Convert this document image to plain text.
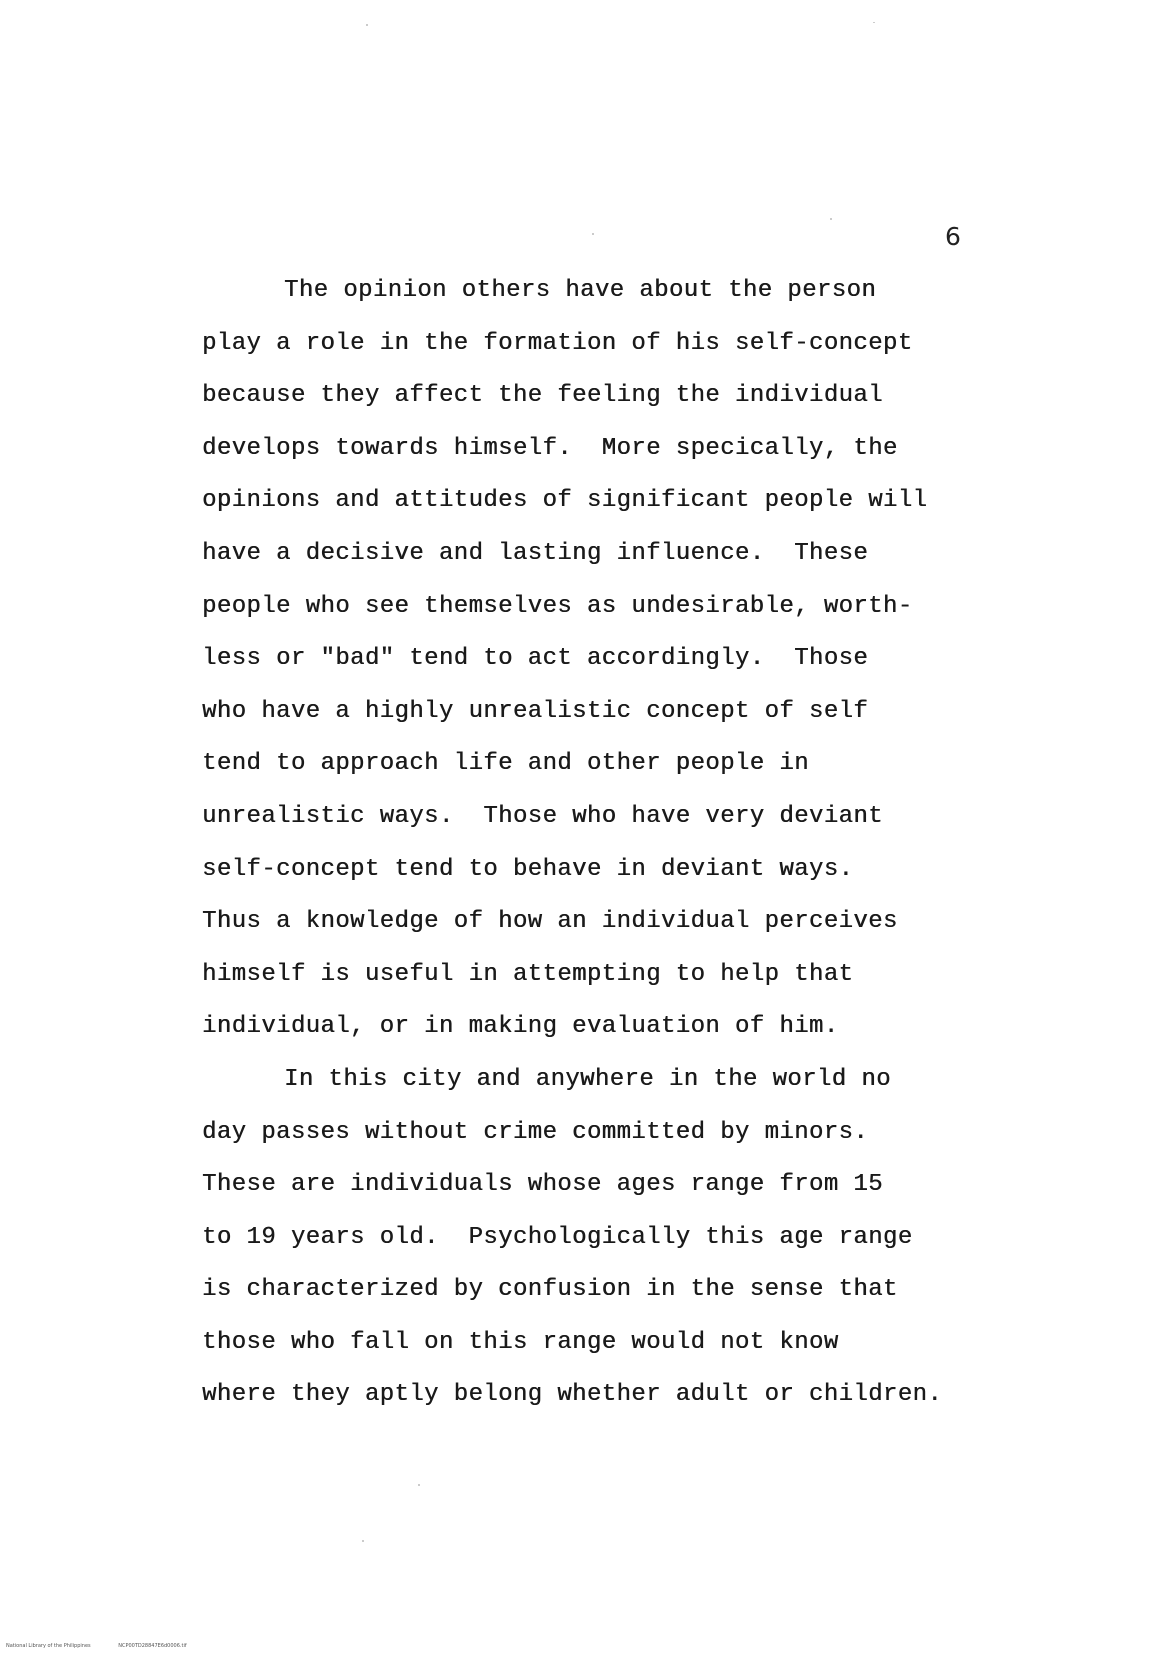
6
The opinion others have about the person
play a role in the formation of his self-concept
because they affect the feeling the individual
develops towards himself.  More specically, the
opinions and attitudes of significant people will
have a decisive and lasting influence.  These
people who see themselves as undesirable, worth-
less or "bad" tend to act accordingly.  Those
who have a highly unrealistic concept of self
tend to approach life and other people in
unrealistic ways.  Those who have very deviant
self-concept tend to behave in deviant ways.
Thus a knowledge of how an individual perceives
himself is useful in attempting to help that
individual, or in making evaluation of him.
In this city and anywhere in the world no
day passes without crime committed by minors.
These are individuals whose ages range from 15
to 19 years old.  Psychologically this age range
is characterized by confusion in the sense that
those who fall on this range would not know
where they aptly belong whether adult or children.
National Library of the Philippines	NCP00TD28847E6d0006.tif
